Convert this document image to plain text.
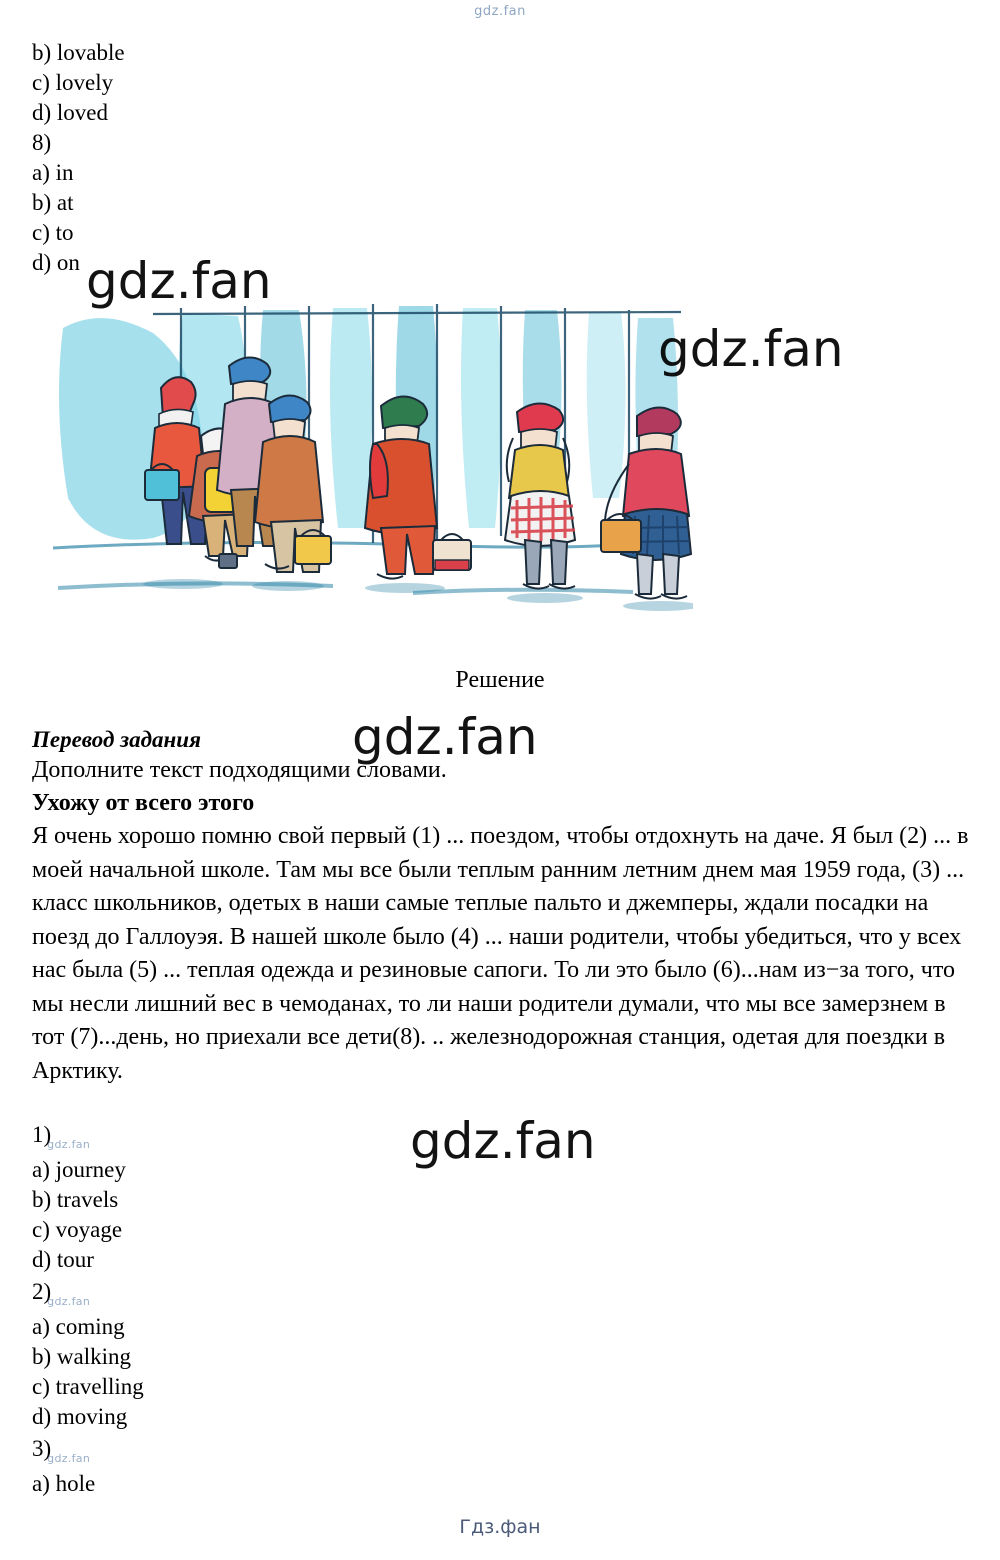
gdz.fan
b) lovable
c) lovely
d) loved
8)
a) in
b) at
c) to
d) on
Решение
Перевод задания
Дополните текст подходящими словами.
Ухожу от всего этого
Я очень хорошо помню свой первый (1) ... поездом, чтобы отдохнуть на даче. Я был (2) ... в моей начальной школе. Там мы все были теплым ранним летним днем мая 1959 года, (3) ... класс школьников, одетых в наши самые теплые пальто и джемперы, ждали посадки на поезд до Галлоуэя. В нашей школе было (4) ... наши родители, чтобы убедиться, что у всех нас была (5) ... теплая одежда и резиновые сапоги. То ли это было (6)...нам из−за того, что мы несли лишний вес в чемоданах, то ли наши родители думали, что мы все замерзнем в тот (7)...день, но приехали все дети(8). .. железнодорожная станция, одетая для поездки в Арктику.
$1)_{gdz.fan}$
a) journey
b) travels
c) voyage
d) tour
$2)_{gdz.fan}$
a) coming
b) walking
c) travelling
d) moving
$3)_{gdz.fan}$
a) hole
gdz.fan
gdz.fan
gdz.fan
gdz.fan
Гдз.фан
